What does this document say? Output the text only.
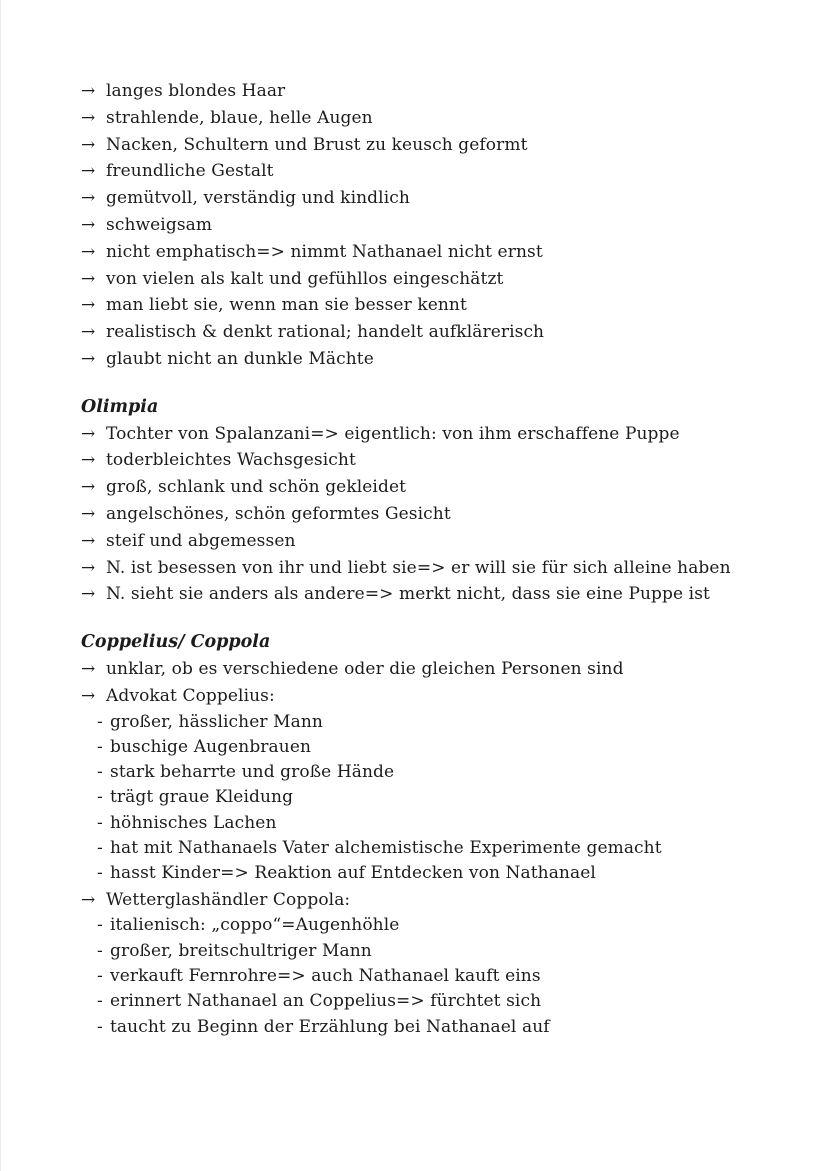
→ langes blondes Haar
→ strahlende, blaue, helle Augen
→ Nacken, Schultern und Brust zu keusch geformt
→ freundliche Gestalt
→ gemütvoll, verständig und kindlich
→ schweigsam
→ nicht emphatisch=> nimmt Nathanael nicht ernst
→ von vielen als kalt und gefühllos eingeschätzt
→ man liebt sie, wenn man sie besser kennt
→ realistisch & denkt rational; handelt aufklärerisch
→ glaubt nicht an dunkle Mächte
Olimpia
→ Tochter von Spalanzani=> eigentlich: von ihm erschaffene Puppe
→ toderbleichtes Wachsgesicht
→ groß, schlank und schön gekleidet
→ angelschönes, schön geformtes Gesicht
→ steif und abgemessen
→ N. ist besessen von ihr und liebt sie=> er will sie für sich alleine haben
→ N. sieht sie anders als andere=> merkt nicht, dass sie eine Puppe ist
Coppelius/ Coppola
→ unklar, ob es verschiedene oder die gleichen Personen sind
→ Advokat Coppelius:
- großer, hässlicher Mann
- buschige Augenbrauen
- stark beharrte und große Hände
- trägt graue Kleidung
- höhnisches Lachen
- hat mit Nathanaels Vater alchemistische Experimente gemacht
- hasst Kinder=> Reaktion auf Entdecken von Nathanael
→ Wetterglashändler Coppola:
- italienisch: „coppo“=Augenhöhle
- großer, breitschultriger Mann
- verkauft Fernrohre=> auch Nathanael kauft eins
- erinnert Nathanael an Coppelius=> fürchtet sich
- taucht zu Beginn der Erzählung bei Nathanael auf
